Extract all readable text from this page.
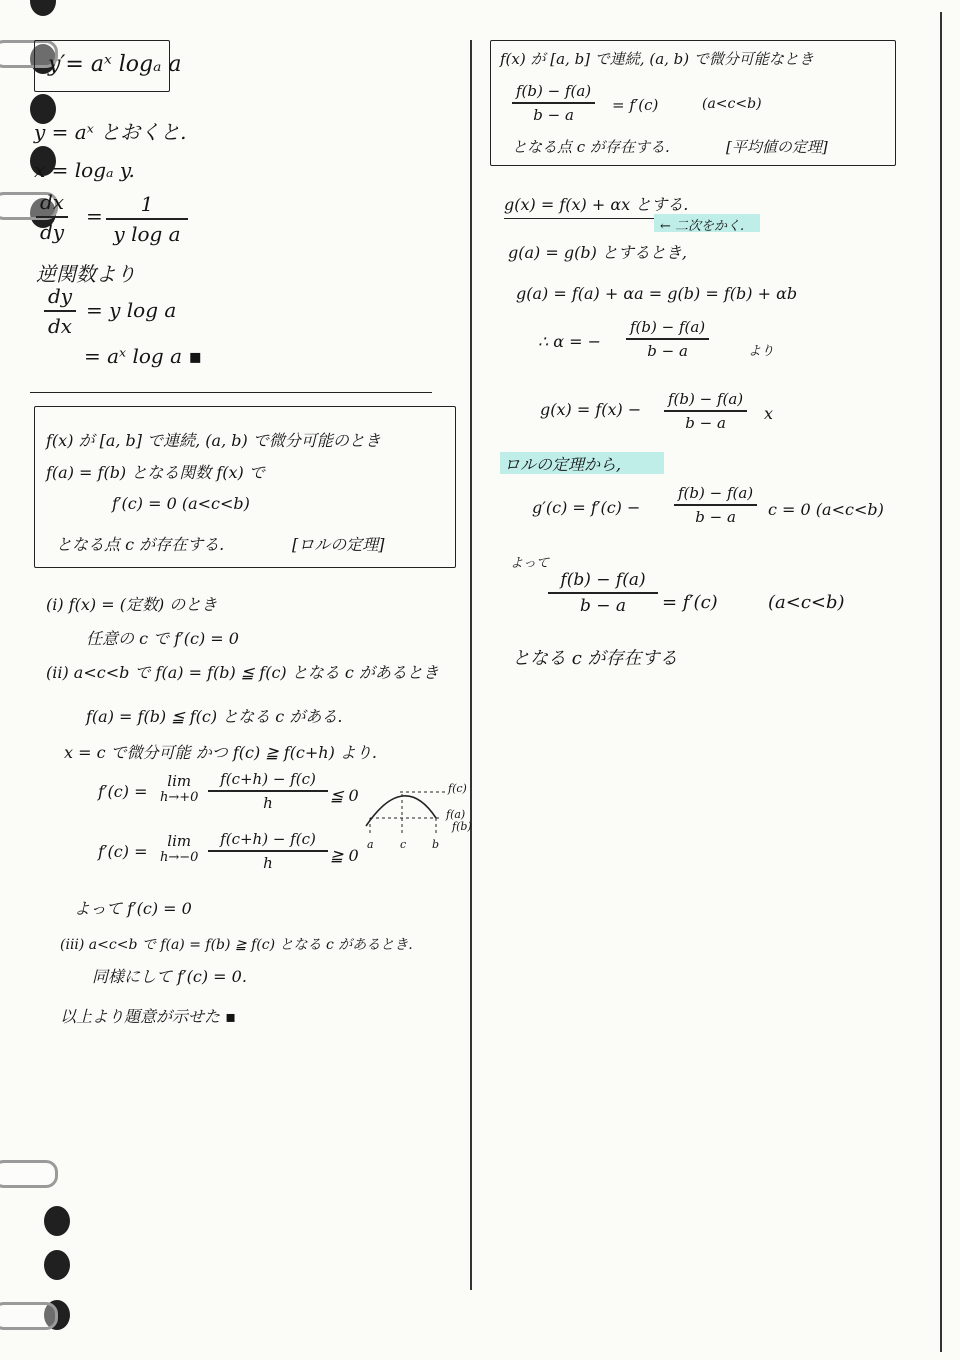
y′= aˣ logₐ a
y = aˣ とおくと.
x = logₐ y.
dx
dy
= 1
y log a
逆関数より
dy
dx
= y log a
= aˣ log a ▪
f(x) が [a, b] で連続, (a, b) で微分可能のとき
f(a) = f(b) となる関数 f(x) で
f′(c) = 0 (a<c<b)
となる点 c が存在する.	[ロルの定理]
(i) f(x) = (定数) のとき
任意の c で f′(c) = 0
(ii) a<c<b で f(a) = f(b) ≦ f(c) となる c があるとき
f(a) = f(b) ≦ f(c) となる c がある.
x = c で微分可能 かつ f(c) ≧ f(c+h) より.
f′(c) =
lim
h→+0
f(c+h) − f(c)
h	≦ 0
f′(c) =
lim
h→−0
f(c+h) − f(c)
h	≧ 0
f(c)
f(a)
f(b)
a c b
よって f′(c) = 0
(iii) a<c<b で f(a) = f(b) ≧ f(c) となる c があるとき.
同様にして f′(c) = 0.
以上より題意が示せた ▪
f(x) が [a, b] で連続, (a, b) で微分可能なとき
f(b) − f(a)
b − a
= f′(c)	(a<c<b)
となる点 c が存在する.	[平均値の定理]
g(x) = f(x) + αx とする.
← 二次をかく.
g(a) = g(b) とするとき,
g(a) = f(a) + αa = g(b) = f(b) + αb
∴ α = −
f(b) − f(a)
b − a	より
g(x) = f(x) −
f(b) − f(a)
b − a x
ロルの定理から,
g′(c) = f′(c) −
f(b) − f(a)
b − a c = 0 (a<c<b)
よって
f(b) − f(a)
b − a = f′(c)	(a<c<b)
となる c が存在する
